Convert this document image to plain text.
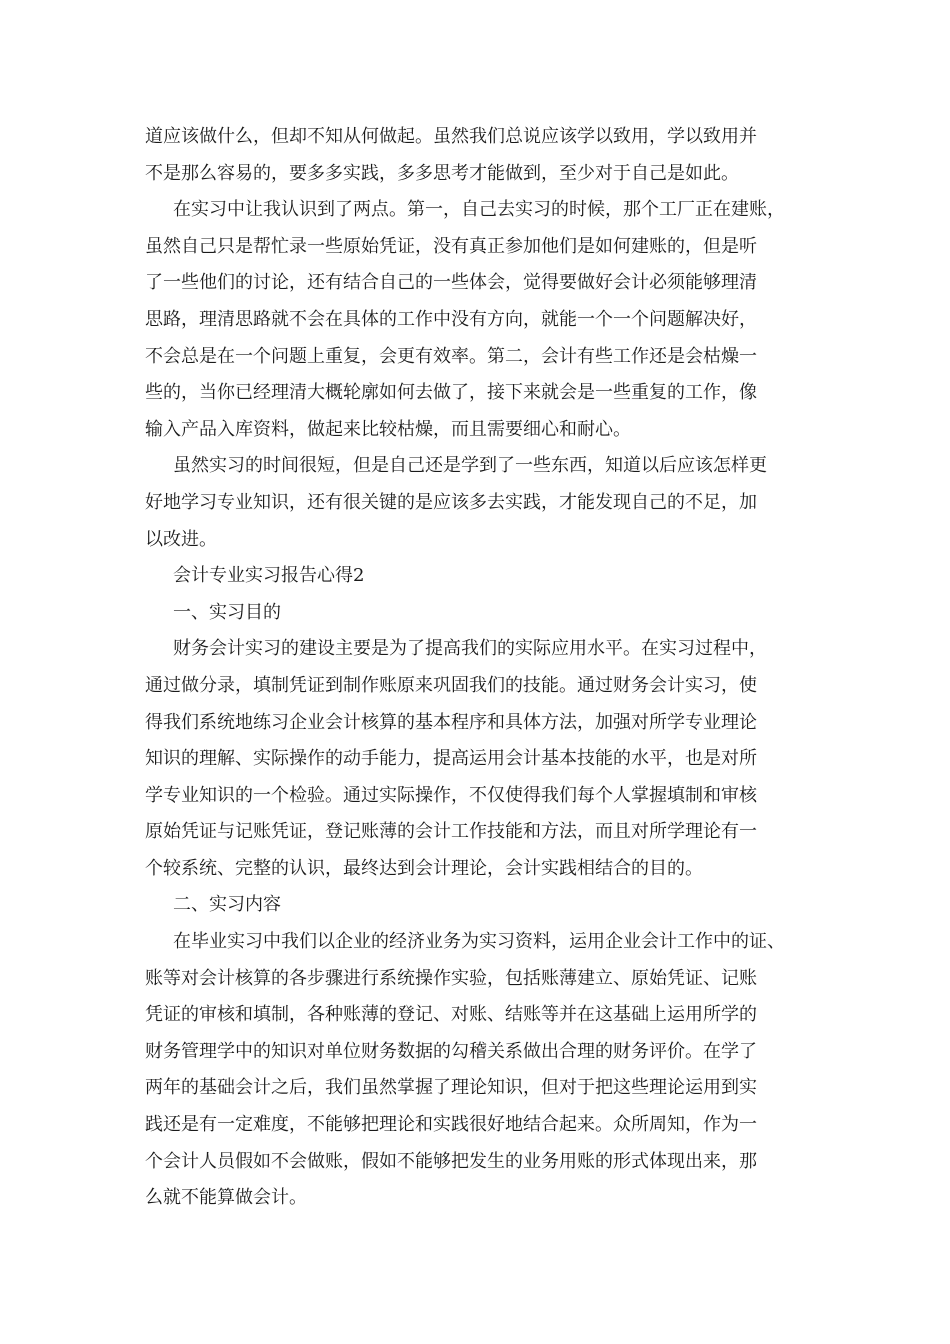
道应该做什么，但却不知从何做起。虽然我们总说应该学以致用，学以致用并
不是那么容易的，要多多实践，多多思考才能做到，至少对于自己是如此。
在实习中让我认识到了两点。第一，自己去实习的时候，那个工厂正在建账，
虽然自己只是帮忙录一些原始凭证，没有真正参加他们是如何建账的，但是听
了一些他们的讨论，还有结合自己的一些体会，觉得要做好会计必须能够理清
思路，理清思路就不会在具体的工作中没有方向，就能一个一个问题解决好，
不会总是在一个问题上重复，会更有效率。第二，会计有些工作还是会枯燥一
些的，当你已经理清大概轮廓如何去做了，接下来就会是一些重复的工作，像
输入产品入库资料，做起来比较枯燥，而且需要细心和耐心。
虽然实习的时间很短，但是自己还是学到了一些东西，知道以后应该怎样更
好地学习专业知识，还有很关键的是应该多去实践，才能发现自己的不足，加
以改进。
会计专业实习报告心得2
一、实习目的
财务会计实习的建设主要是为了提高我们的实际应用水平。在实习过程中，
通过做分录，填制凭证到制作账原来巩固我们的技能。通过财务会计实习，使
得我们系统地练习企业会计核算的基本程序和具体方法，加强对所学专业理论
知识的理解、实际操作的动手能力，提高运用会计基本技能的水平，也是对所
学专业知识的一个检验。通过实际操作，不仅使得我们每个人掌握填制和审核
原始凭证与记账凭证，登记账薄的会计工作技能和方法，而且对所学理论有一
个较系统、完整的认识，最终达到会计理论，会计实践相结合的目的。
二、实习内容
在毕业实习中我们以企业的经济业务为实习资料，运用企业会计工作中的证、
账等对会计核算的各步骤进行系统操作实验，包括账薄建立、原始凭证、记账
凭证的审核和填制，各种账薄的登记、对账、结账等并在这基础上运用所学的
财务管理学中的知识对单位财务数据的勾稽关系做出合理的财务评价。在学了
两年的基础会计之后，我们虽然掌握了理论知识，但对于把这些理论运用到实
践还是有一定难度，不能够把理论和实践很好地结合起来。众所周知，作为一
个会计人员假如不会做账，假如不能够把发生的业务用账的形式体现出来，那
么就不能算做会计。
